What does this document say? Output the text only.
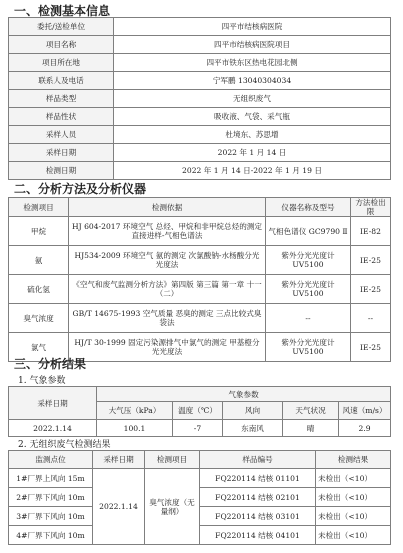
一、检测基本信息
委托/送检单位	四平市结核病医院
项目名称	四平市结核病医院项目
项目所在地	四平市铁东区热电花园北侧
联系人及电话	宁军鹏 13040304034
样品类型	无组织废气
样品性状	吸收液、气袋、采气瓶
采样人员	杜境东、苏思增
采样日期	2022 年 1 月 14 日
检测日期	2022 年 1 月 14 日-2022 年 1 月 19 日
二、分析方法及分析仪器
检测项目	检测依据	仪器名称及型号	方法检出限
甲烷	HJ 604-2017 环境空气 总烃、甲烷和非甲烷总烃的测定 直接进样-气相色谱法	气相色谱仪 GC9790 Ⅱ	IE-82
氨	HJ534-2009 环境空气 氨的测定 次氯酸钠-水杨酸分光光度法	紫外分光光度计 UV5100	IE-25
硫化氢	《空气和废气监测分析方法》第四版 第三篇 第一章 十一（二）	紫外分光光度计 UV5100	IE-25
臭气浓度	GB/T 14675-1993 空气质量 恶臭的测定 三点比较式臭袋法	--	--
氯气	HJ/T 30-1999 固定污染源排气中氯气的测定 甲基橙分光光度法	紫外分光光度计 UV5100	IE-25
三、分析结果
1. 气象参数
采样日期	气象参数				
	大气压（kPa）	温度（℃）	风向	天气状况	风速（m/s）
2022.1.14	100.1	-7	东南风	晴	2.9
2. 无组织废气检测结果
监测点位	采样日期	检测项目	样品编号	检测结果
1#厂界上风向 15m	2022.1.14	臭气浓度（无量纲）	FQ220114 结核 01101	未检出（<10）
2#厂界下风向 10m			FQ220114 结核 02101	未检出（<10）
3#厂界下风向 10m			FQ220114 结核 03101	未检出（<10）
4#厂界下风向 10m			FQ220114 结核 04101	未检出（<10）
